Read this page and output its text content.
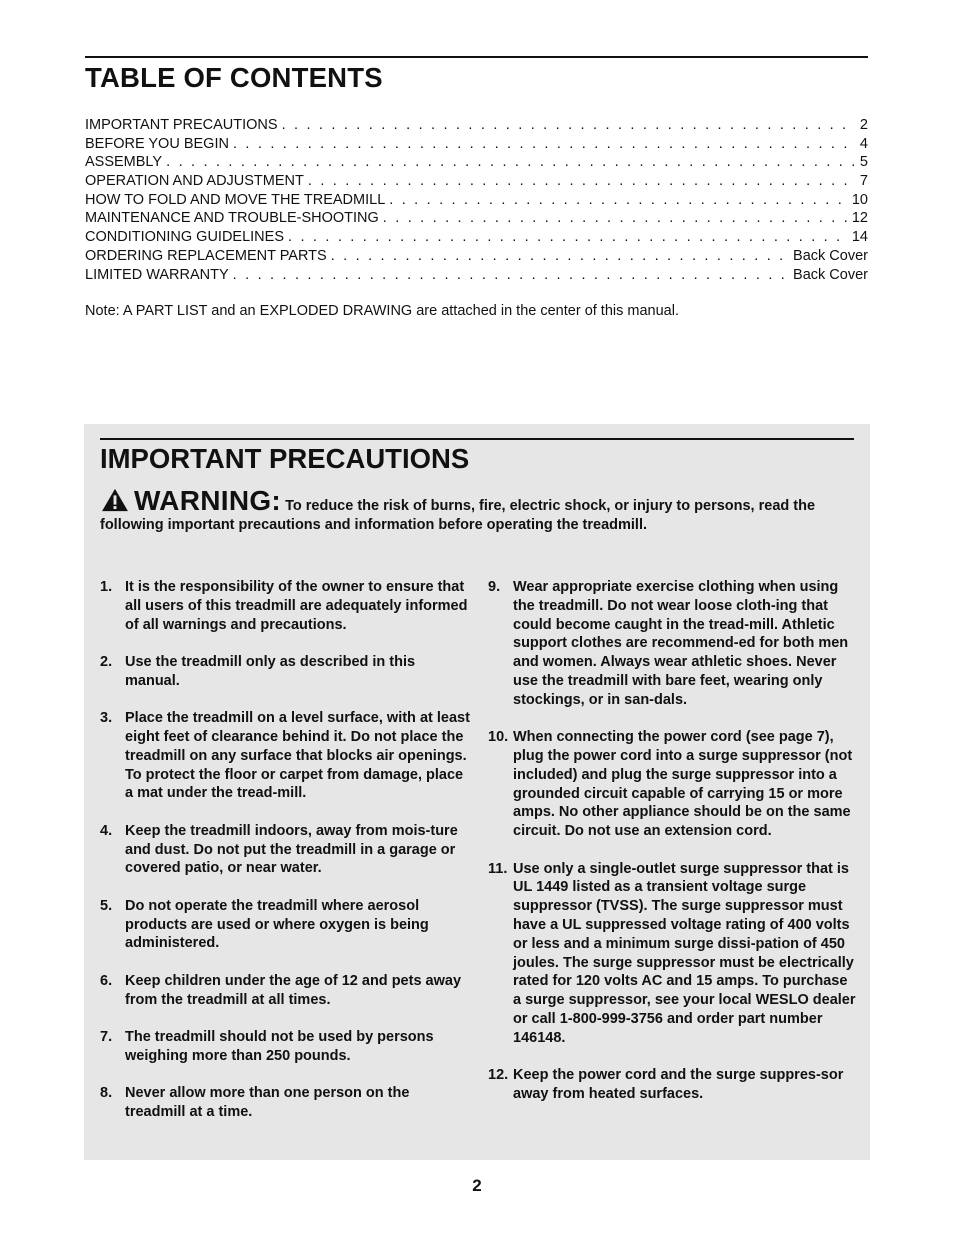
TABLE OF CONTENTS
IMPORTANT PRECAUTIONS . . .	2
BEFORE YOU BEGIN . . .	4
ASSEMBLY . . .	5
OPERATION AND ADJUSTMENT . . .	7
HOW TO FOLD AND MOVE THE TREADMILL . . .	10
MAINTENANCE AND TROUBLE-SHOOTING . . .	12
CONDITIONING GUIDELINES . . .	14
ORDERING REPLACEMENT PARTS . . .	Back Cover
LIMITED WARRANTY . . .	Back Cover
Note: A PART LIST and an EXPLODED DRAWING are attached in the center of this manual.
IMPORTANT PRECAUTIONS
WARNING: To reduce the risk of burns, fire, electric shock, or injury to persons, read the following important precautions and information before operating the treadmill.
1. It is the responsibility of the owner to ensure that all users of this treadmill are adequately informed of all warnings and precautions.
2. Use the treadmill only as described in this manual.
3. Place the treadmill on a level surface, with at least eight feet of clearance behind it. Do not place the treadmill on any surface that blocks air openings. To protect the floor or carpet from damage, place a mat under the tread-mill.
4. Keep the treadmill indoors, away from mois-ture and dust. Do not put the treadmill in a garage or covered patio, or near water.
5. Do not operate the treadmill where aerosol products are used or where oxygen is being administered.
6. Keep children under the age of 12 and pets away from the treadmill at all times.
7. The treadmill should not be used by persons weighing more than 250 pounds.
8. Never allow more than one person on the treadmill at a time.
9. Wear appropriate exercise clothing when using the treadmill. Do not wear loose cloth-ing that could become caught in the tread-mill. Athletic support clothes are recommend-ed for both men and women. Always wear athletic shoes. Never use the treadmill with bare feet, wearing only stockings, or in san-dals.
10. When connecting the power cord (see page 7), plug the power cord into a surge suppressor (not included) and plug the surge suppressor into a grounded circuit capable of carrying 15 or more amps. No other appliance should be on the same circuit. Do not use an extension cord.
11. Use only a single-outlet surge suppressor that is UL 1449 listed as a transient voltage surge suppressor (TVSS). The surge suppressor must have a UL suppressed voltage rating of 400 volts or less and a minimum surge dissi-pation of 450 joules. The surge suppressor must be electrically rated for 120 volts AC and 15 amps. To purchase a surge suppressor, see your local WESLO dealer or call 1-800-999-3756 and order part number 146148.
12. Keep the power cord and the surge suppres-sor away from heated surfaces.
2
